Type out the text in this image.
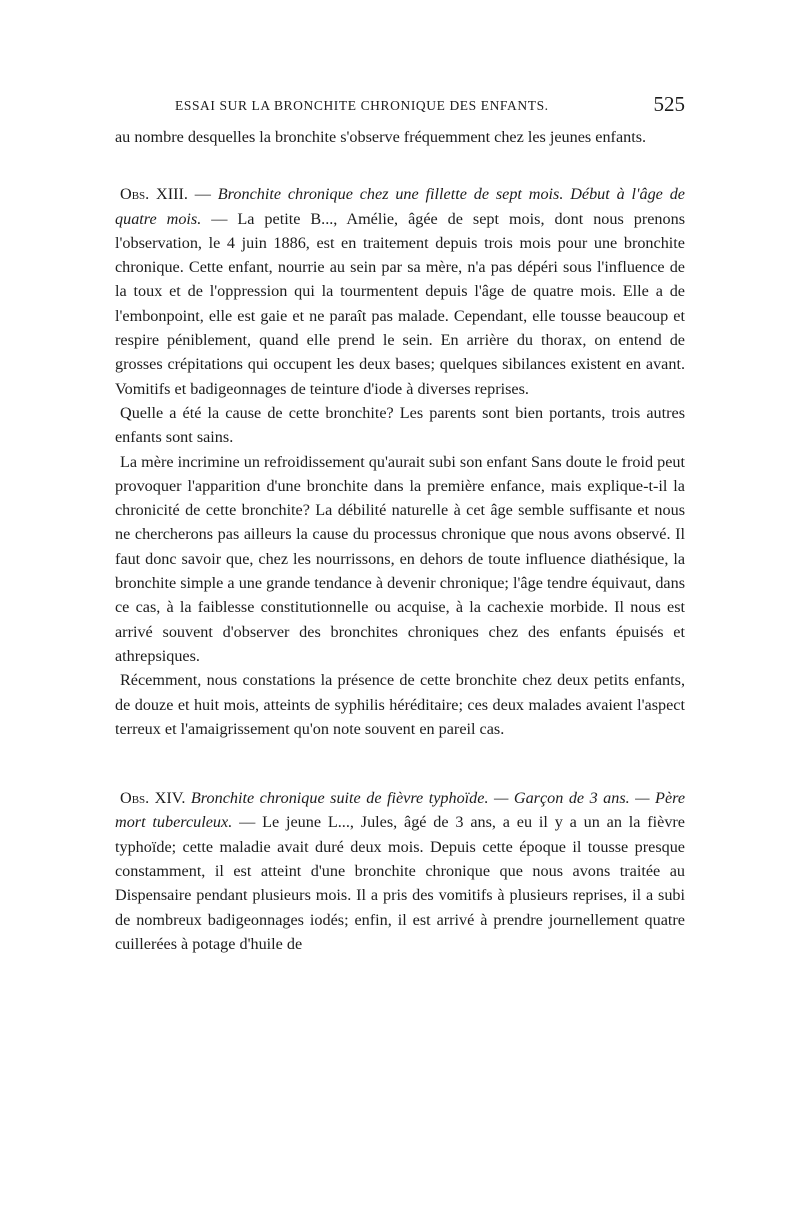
ESSAI SUR LA BRONCHITE CHRONIQUE DES ENFANTS.	525

au nombre desquelles la bronchite s'observe fréquemment chez les jeunes enfants.

Obs. XIII. — Bronchite chronique chez une fillette de sept mois. Début à l'âge de quatre mois. — La petite B..., Amélie, âgée de sept mois, dont nous prenons l'observation, le 4 juin 1886, est en traitement depuis trois mois pour une bronchite chronique. Cette enfant, nourrie au sein par sa mère, n'a pas dépéri sous l'influence de la toux et de l'oppression qui la tourmentent depuis l'âge de quatre mois. Elle a de l'embonpoint, elle est gaie et ne paraît pas malade. Cependant, elle tousse beaucoup et respire péniblement, quand elle prend le sein. En arrière du thorax, on entend de grosses crépitations qui occupent les deux bases; quelques sibilances existent en avant. Vomitifs et badigeonnages de teinture d'iode à diverses reprises.

Quelle a été la cause de cette bronchite? Les parents sont bien portants, trois autres enfants sont sains.

La mère incrimine un refroidissement qu'aurait subi son enfant Sans doute le froid peut provoquer l'apparition d'une bronchite dans la première enfance, mais explique-t-il la chronicité de cette bronchite? La débilité naturelle à cet âge semble suffisante et nous ne chercherons pas ailleurs la cause du processus chronique que nous avons observé. Il faut donc savoir que, chez les nourrissons, en dehors de toute influence diathésique, la bronchite simple a une grande tendance à devenir chronique; l'âge tendre équivaut, dans ce cas, à la faiblesse constitutionnelle ou acquise, à la cachexie morbide. Il nous est arrivé souvent d'observer des bronchites chroniques chez des enfants épuisés et athrepsiques.

Récemment, nous constations la présence de cette bronchite chez deux petits enfants, de douze et huit mois, atteints de syphilis héréditaire; ces deux malades avaient l'aspect terreux et l'amaigrissement qu'on note souvent en pareil cas.

Obs. XIV. Bronchite chronique suite de fièvre typhoïde. — Garçon de 3 ans. — Père mort tuberculeux. — Le jeune L..., Jules, âgé de 3 ans, a eu il y a un an la fièvre typhoïde; cette maladie avait duré deux mois. Depuis cette époque il tousse presque constamment, il est atteint d'une bronchite chronique que nous avons traitée au Dispensaire pendant plusieurs mois. Il a pris des vomitifs à plusieurs reprises, il a subi de nombreux badigeonnages iodés; enfin, il est arrivé à prendre journellement quatre cuillerées à potage d'huile de
